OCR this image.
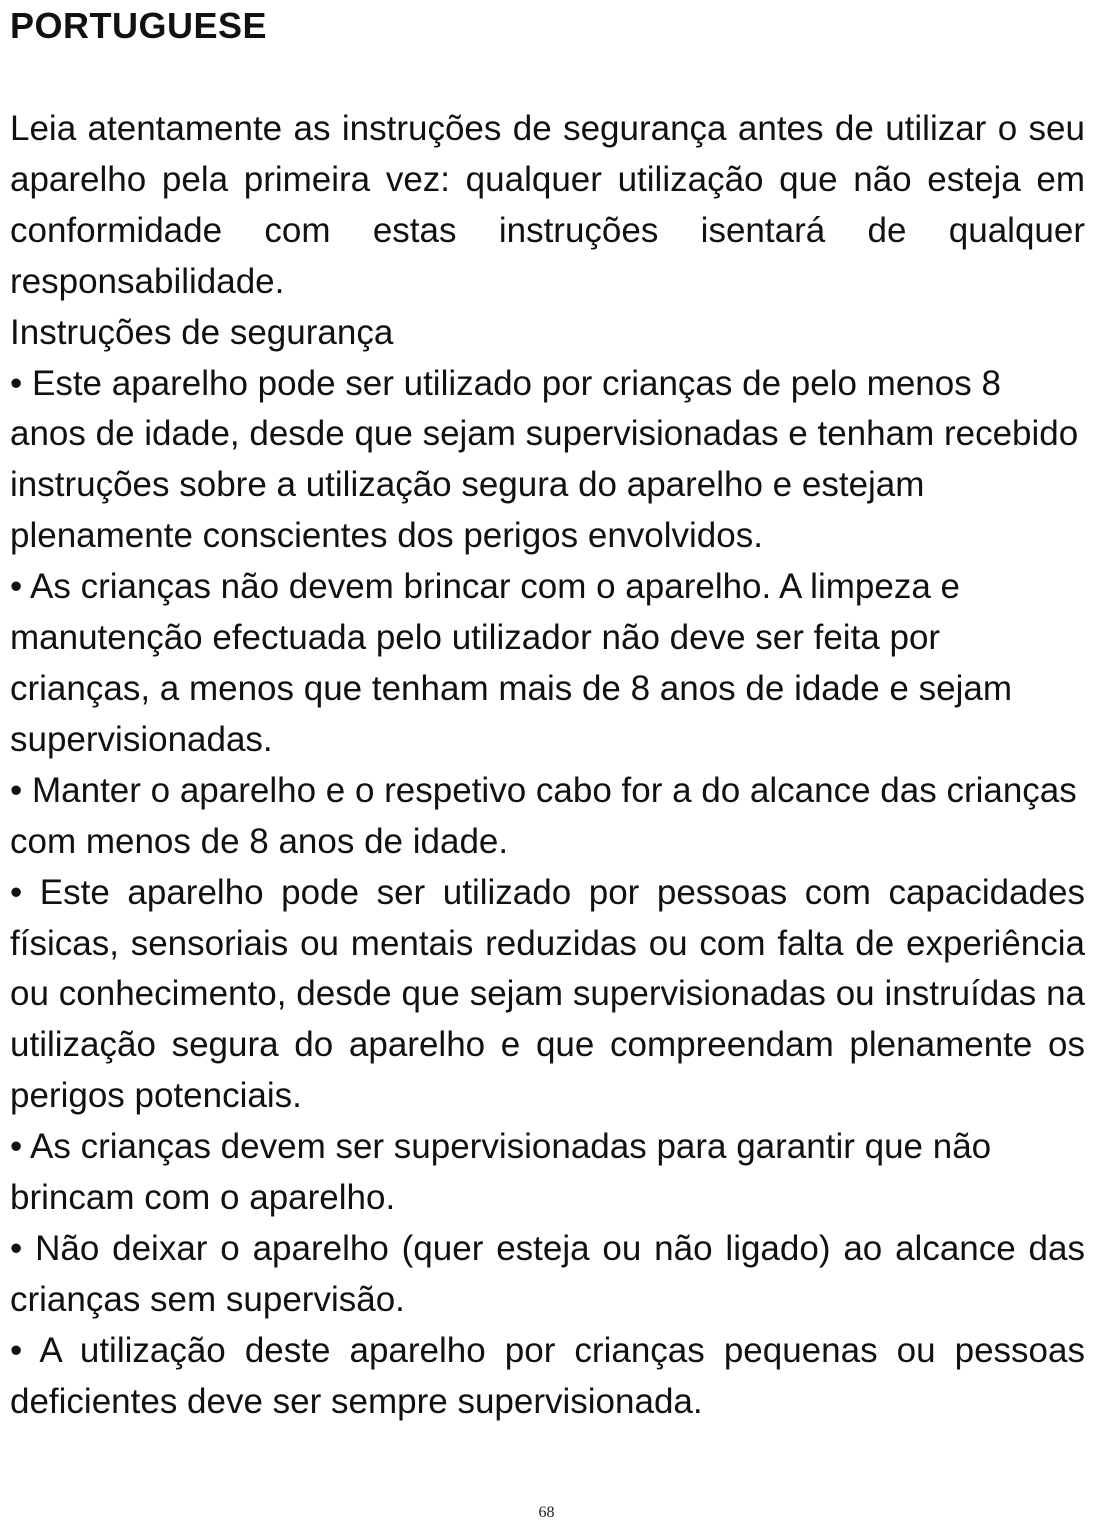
PORTUGUESE

Leia atentamente as instruções de segurança antes de utilizar o seu aparelho pela primeira vez: qualquer utilização que não esteja em conformidade com estas instruções isentará de qualquer responsabilidade.

Instruções de segurança

• Este aparelho pode ser utilizado por crianças de pelo menos 8 anos de idade, desde que sejam supervisionadas e tenham recebido instruções sobre a utilização segura do aparelho e estejam plenamente conscientes dos perigos envolvidos.

• As crianças não devem brincar com o aparelho. A limpeza e manutenção efectuada pelo utilizador não deve ser feita por crianças, a menos que tenham mais de 8 anos de idade e sejam supervisionadas.

• Manter o aparelho e o respetivo cabo for a do alcance das crianças com menos de 8 anos de idade.

• Este aparelho pode ser utilizado por pessoas com capacidades físicas, sensoriais ou mentais reduzidas ou com falta de experiência ou conhecimento, desde que sejam supervisionadas ou instruídas na utilização segura do aparelho e que compreendam plenamente os perigos potenciais.

• As crianças devem ser supervisionadas para garantir que não brincam com o aparelho.

• Não deixar o aparelho (quer esteja ou não ligado) ao alcance das crianças sem supervisão.

• A utilização deste aparelho por crianças pequenas ou pessoas deficientes deve ser sempre supervisionada.

68
